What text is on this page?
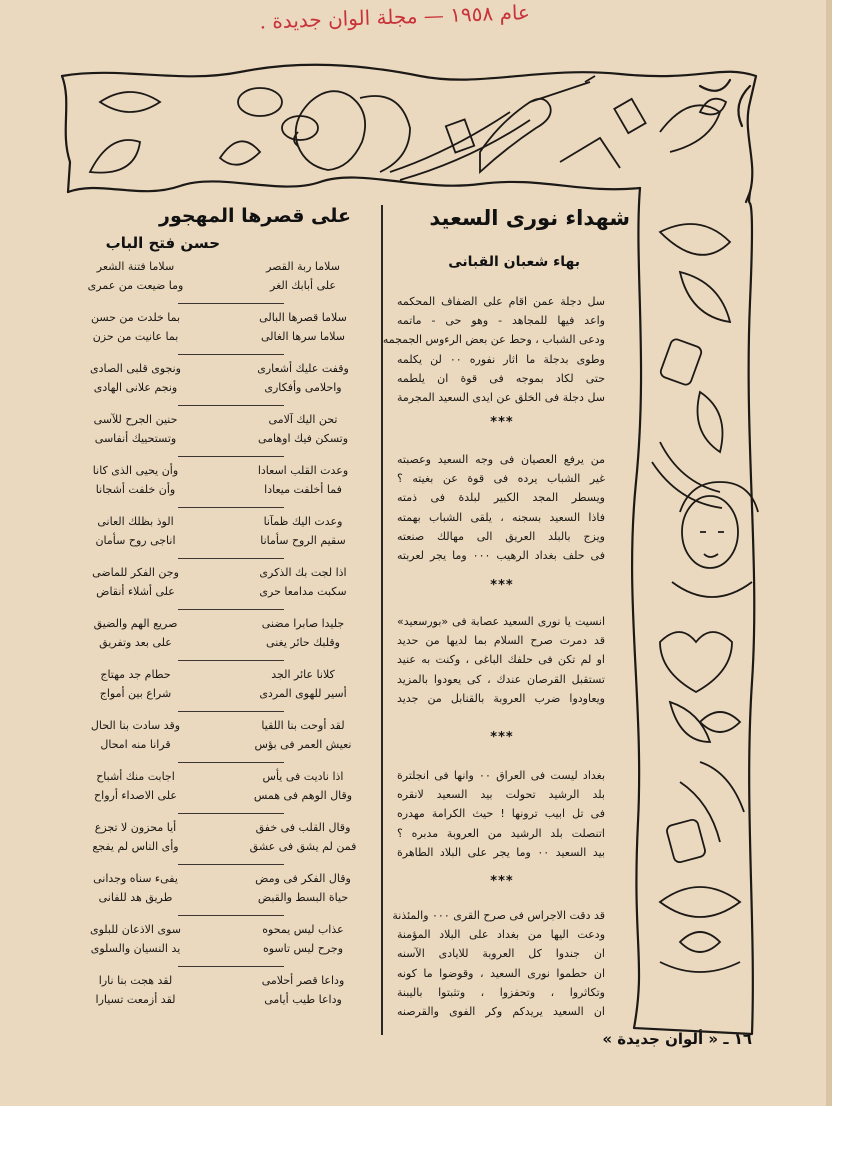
عام ١٩٥٨ — مجلة الوان جديدة .
شهداء نورى السعيد
بهاء شعبان القبانى
على قصرها المهجور
حسن فتح الباب

سل دجلة عمن اقام على الضفاف المحكمه

واعد فيها للمجاهد - وهو حى - ماتمه

ودعى الشباب ، وحط عن بعض الرءوس الجمجمه

وطوى بدجلة ما اثار نفوره ٠٠ لن يكلمه

حتى لكاد بموجه فى قوة ان يلطمه

سل دجلة فى الخلق عن ايدى السعيد المجرمة

***

من يرفع العصيان فى وجه السعيد وعصبته

غير الشباب يرده فى قوة عن بغيته ؟

ويسطر المجد الكبير لبلدة فى ذمته

فاذا السعيد بسجنه ، يلقى الشباب بهمته

ويزج بالبلد العريق الى مهالك صنعته

فى حلف بغداد الرهيب ٠٠٠ وما يجر لعربته

***

انسيت يا نورى السعيد عصابة فى «بورسعيد»

قد دمرت صرح السلام بما لديها من حديد

او لم تكن فى حلفك الباغى ، وكنت به عنيد

تستقبل القرصان عندك ، كى يعودوا بالمزيد

ويعاودوا ضرب العروبة بالقنابل من جديد

***

بغداد ليست فى العراق ٠٠ وانها فى انجلترة

بلد الرشيد تحولت بيد السعيد لانقره

فى تل ابيب ترونها ! حيث الكرامة مهدره

اتنصلت بلد الرشيد من العروبة مدبره ؟

بيد السعيد ٠٠ وما يجر على البلاد الطاهرة

***

قد دقت الاجراس فى صرح القرى ٠٠٠ والمئذنة

ودعت اليها من بغداد على البلاد المؤمنة

ان جندوا كل العروبة للايادى الآسنه

ان حطموا نورى السعيد ، وقوضوا ما كونه

وتكاثروا ، وتحفزوا ، وتثبتوا باليبنة

ان السعيد يريدكم وكر الفوى والقرصنه

سلاما ربة القصر
سلاما فتنة الشعر
على أبابك الغر
وما ضيعت من عمرى
سلاما قصرها البالى
بما خلدت من حسن
سلاما سرها الغالى
بما عانيت من حزن
وقفت عليك أشعارى
ونجوى قلبى الصادى
واحلامى وأفكارى
ونجم علانى الهادى
تحن اليك آلامى
حنين الجرح للآسى
وتسكن فيك اوهامى
وتستحييك أنفاسى
وعدت القلب اسعادا
وأن يحيى الذى كانا
فما أخلفت ميعادا
وأن خلفت أشجانا
وعدت اليك ظمآنا
الوذ بظلك العانى
سقيم الروح سأمانا
اناجى روح سأمان
اذا لجت بك الذكرى
وجن الفكر للماضى
سكبت مدامعا حرى
على أشلاء أنقاض
جليدا صابرا مضنى
صريع الهم والضيق
وقلبك حائر يغنى
على بعد وتفريق
كلانا عائر الجد
حطام جد مهتاج
أسير للهوى المردى
شراع بين أمواج
لقد أوحت بنا اللقيا
وقد سادت بنا الحال
نعيش العمر فى بؤس
قرانا منه امحال
اذا ناديت فى يأس
اجابت منك أشباح
وقال الوهم فى همس
على الاصداء أرواح
وقال القلب فى خفق
أيا محزون لا تجزع
فمن لم يشق فى عشق
وأى الناس لم يفجع
وقال الفكر فى ومض
يفىء سناه وجدانى
حياة البسط والقبض
طريق هد للفانى
عذاب ليس يمحوه
سوى الاذعان للبلوى
وجرح ليس تاسوه
يد النسيان والسلوى
وداعا قصر أحلامى
لقد هجت بنا نارا
وداعا طيب أيامى
لقد أزمعت تسيارا
١٦ ـ « ألوان جديدة »
